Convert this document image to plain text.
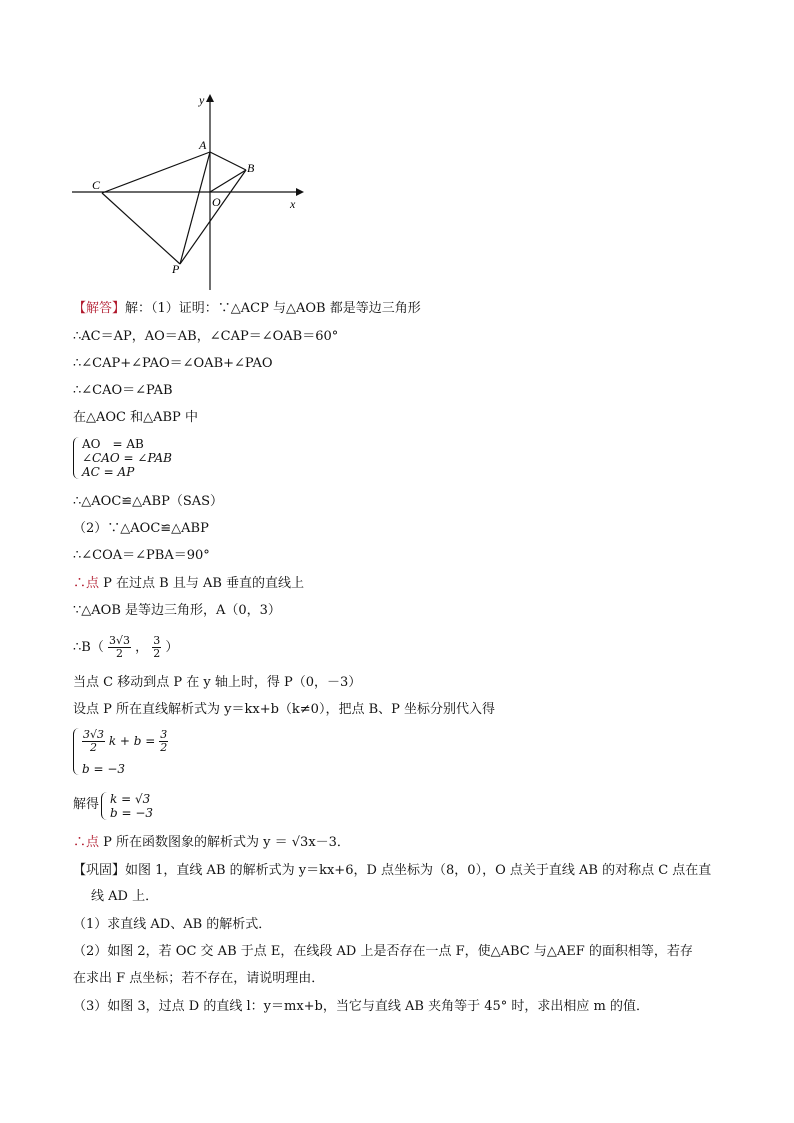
y
A
B
C
O	x
P
【解答】解：（1）证明：∵△ACP 与△AOB 都是等边三角形
∴AC＝AP，AO＝AB，∠CAP＝∠OAB＝60°
∴∠CAP+∠PAO＝∠OAB+∠PAO
∴∠CAO＝∠PAB
在△AOC 和△ABP 中
AO　= AB
∠CAO = ∠PAB
AC = AP
∴△AOC≌△ABP（SAS）
（2）∵△AOC≌△ABP
∴∠COA＝∠PBA＝90°
∴点 P 在过点 B 且与 AB 垂直的直线上
∵△AOB 是等边三角形，A（0，3）
∴B（ $\frac{3√3}{2}$ ， $\frac{3}{2}$ ）
当点 C 移动到点 P 在 y 轴上时，得 P（0，－3）
设点 P 所在直线解析式为 y＝kx+b（k≠0），把点 B、P 坐标分别代入得
$\frac{3√3}{2}$ $k + b = \frac{3}{2}$
b = −3
解得 k = √3
b = −3
∴点 P 所在函数图象的解析式为 y ＝ √3x－3．
【巩固】如图 1，直线 AB 的解析式为 y＝kx+6，D 点坐标为（8，0），O 点关于直线 AB 的对称点 C 点在直
线 AD 上．
（1）求直线 AD、AB 的解析式．
（2）如图 2，若 OC 交 AB 于点 E，在线段 AD 上是否存在一点 F，使△ABC 与△AEF 的面积相等，若存
在求出 F 点坐标；若不存在，请说明理由．
（3）如图 3，过点 D 的直线 l：y＝mx+b，当它与直线 AB 夹角等于 45° 时，求出相应 m 的值．
